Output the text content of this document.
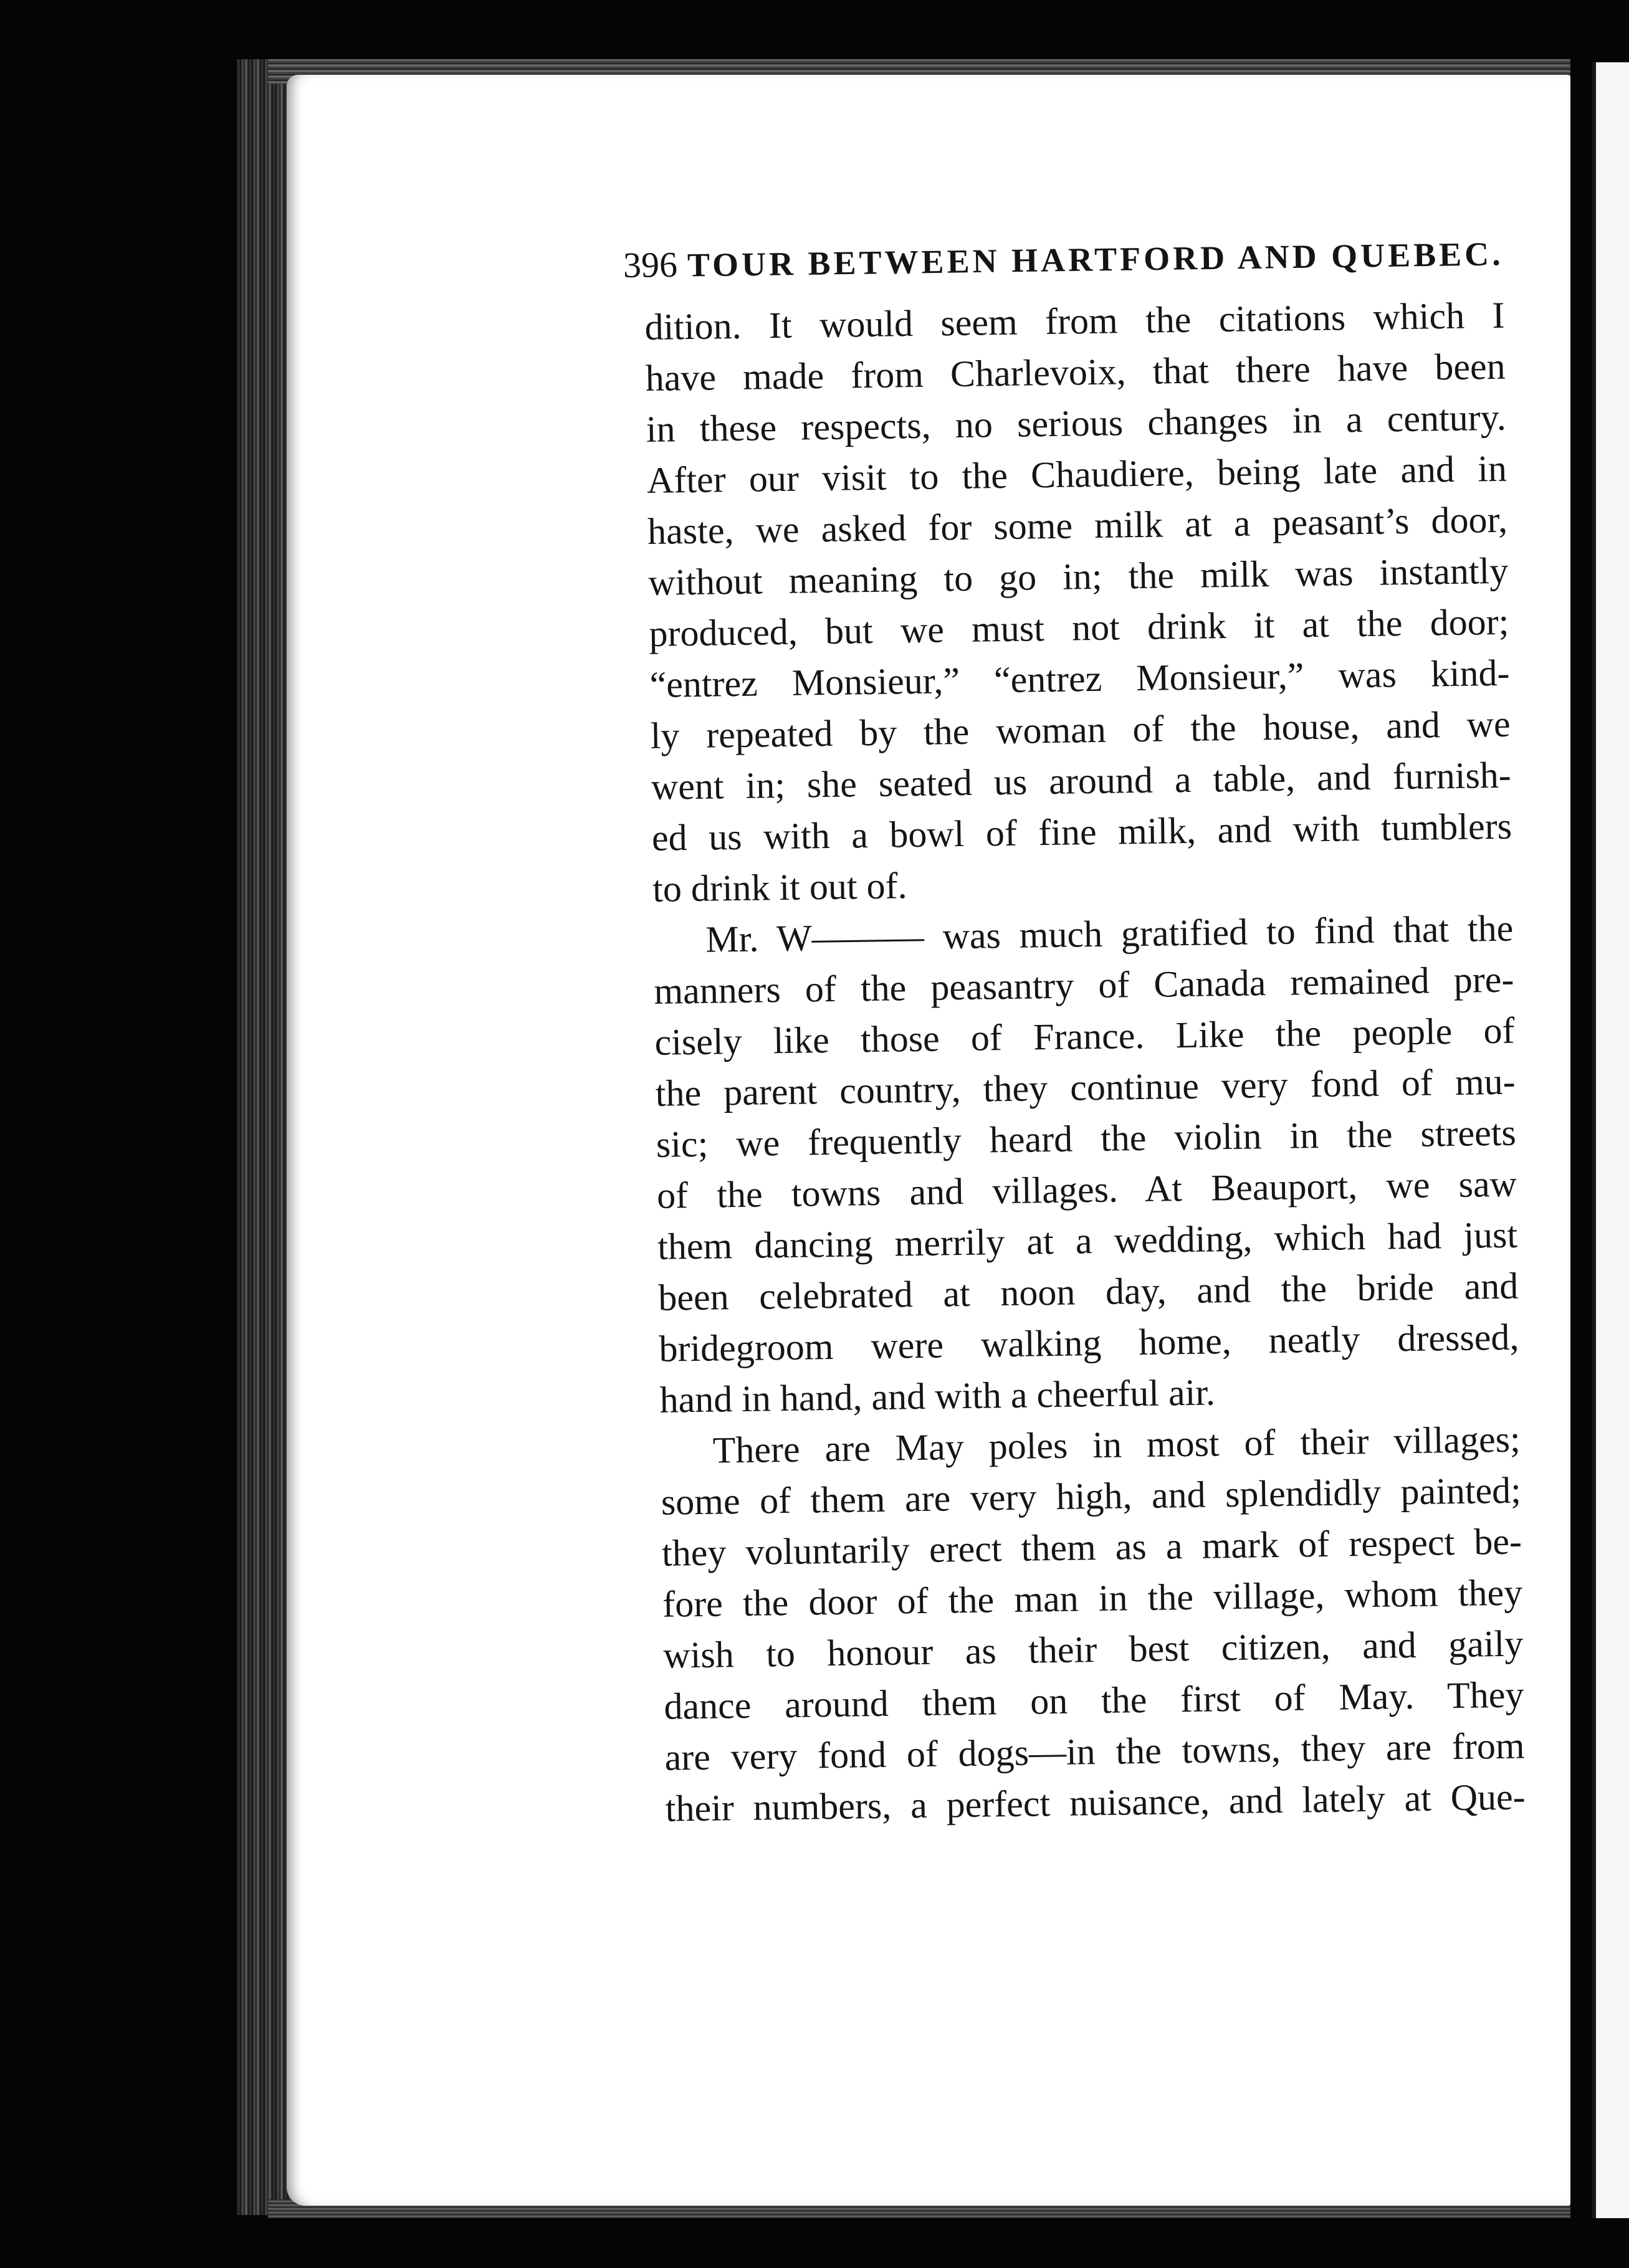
396 TOUR BETWEEN HARTFORD AND QUEBEC.

dition. It would seem from the citations which I
have made from Charlevoix, that there have been
in these respects, no serious changes in a century.
After our visit to the Chaudiere, being late and in
haste, we asked for some milk at a peasant’s door,
without meaning to go in; the milk was instantly
produced, but we must not drink it at the door;
“entrez Monsieur,” “entrez Monsieur,” was kind-
ly repeated by the woman of the house, and we
went in; she seated us around a table, and furnish-
ed us with a bowl of fine milk, and with tumblers
to drink it out of.

Mr. W——— was much gratified to find that the
manners of the peasantry of Canada remained pre-
cisely like those of France. Like the people of
the parent country, they continue very fond of mu-
sic; we frequently heard the violin in the streets
of the towns and villages. At Beauport, we saw
them dancing merrily at a wedding, which had just
been celebrated at noon day, and the bride and
bridegroom were walking home, neatly dressed,
hand in hand, and with a cheerful air.

There are May poles in most of their villages;
some of them are very high, and splendidly painted;
they voluntarily erect them as a mark of respect be-
fore the door of the man in the village, whom they
wish to honour as their best citizen, and gaily
dance around them on the first of May. They
are very fond of dogs—in the towns, they are from
their numbers, a perfect nuisance, and lately at Que-
